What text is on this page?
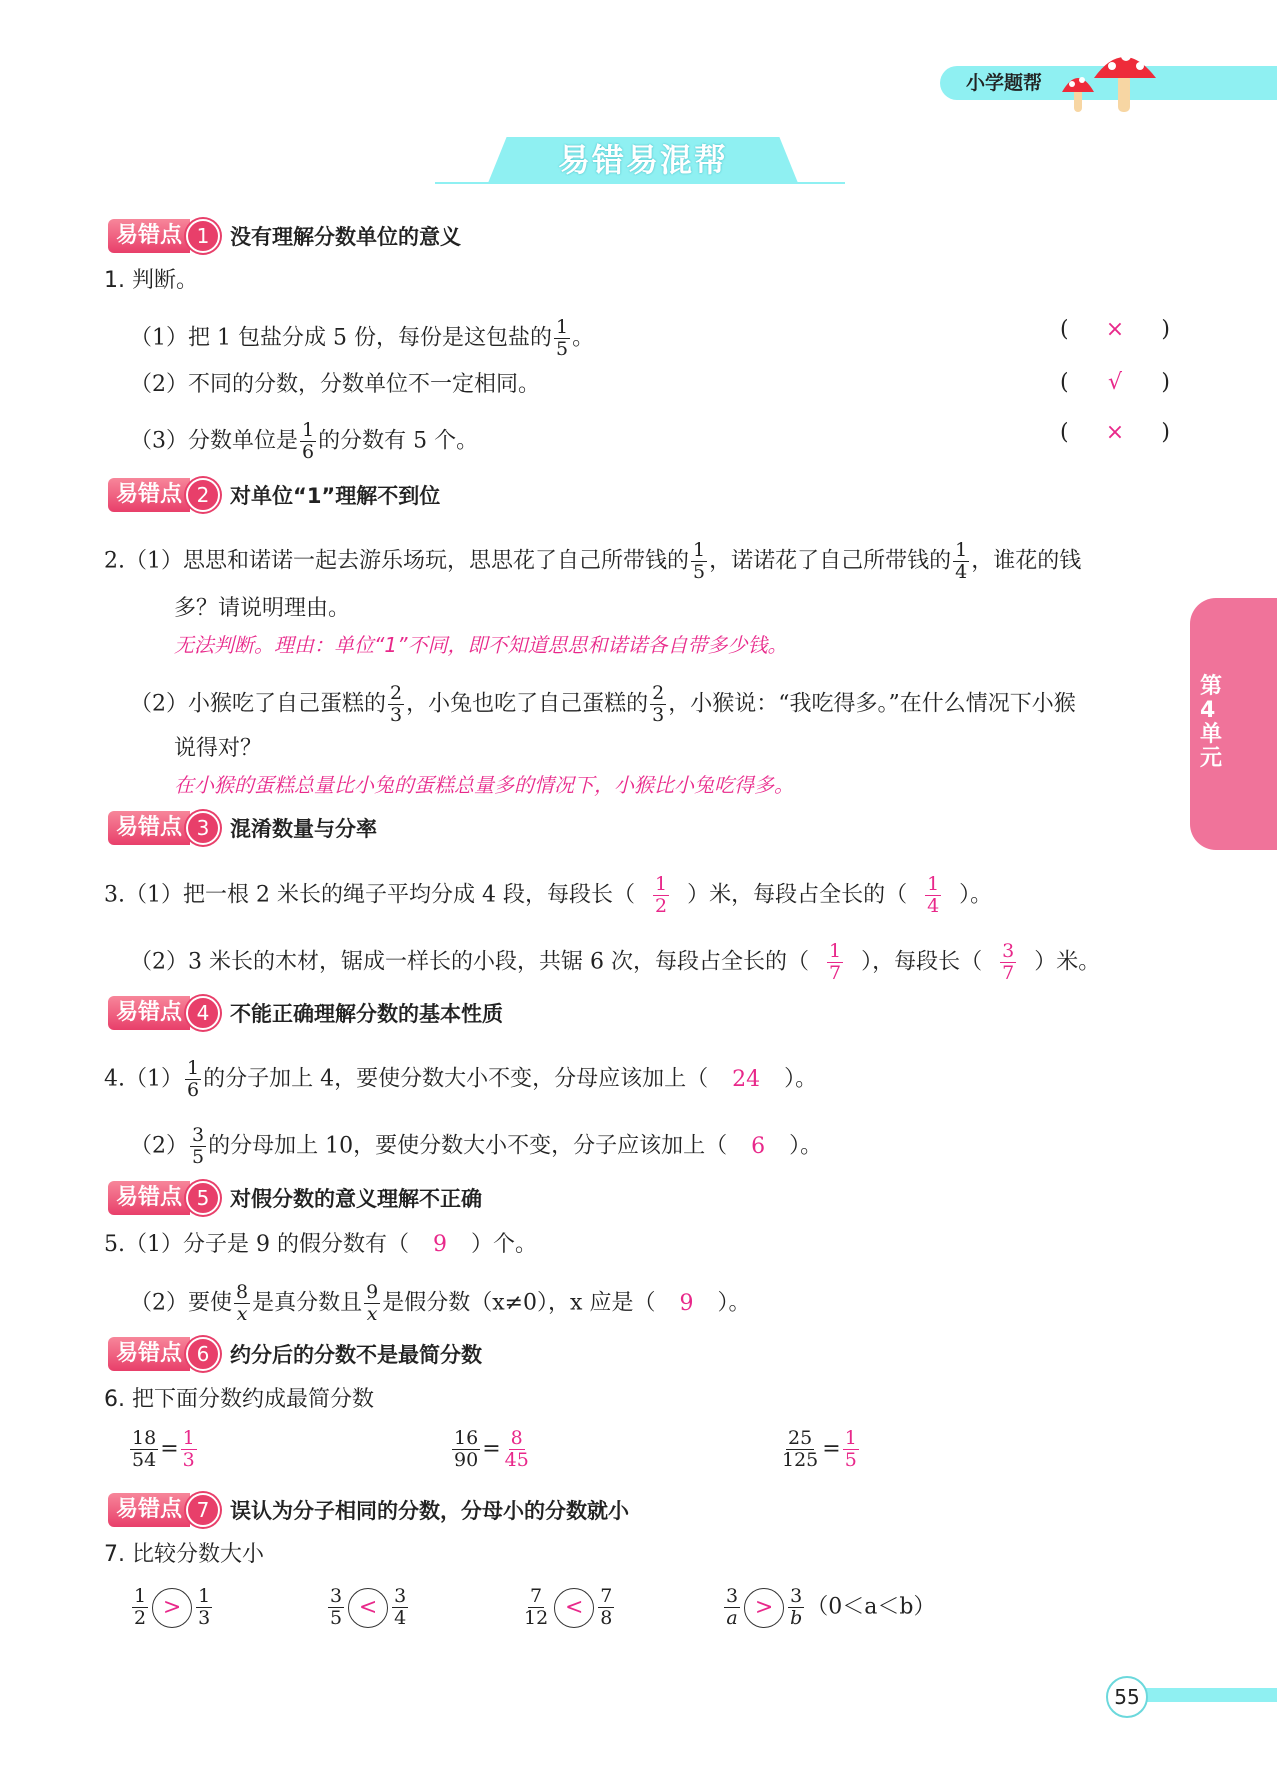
小学题帮
易错易混帮
第4单元
易错点 1 没有理解分数单位的意义
1. 判断。
（1）把 1 包盐分成 5 份，每份是这包盐的 $\frac{1}{5}$ 。	( × )
（2）不同的分数，分数单位不一定相同。	( √ )
（3）分数单位是 $\frac{1}{6}$ 的分数有 5 个。	( × )
易错点 2 对单位“1”理解不到位
2.（1）思思和诺诺一起去游乐场玩，思思花了自己所带钱的 $\frac{1}{5}$ ，诺诺花了自己所带钱的 $\frac{1}{4}$ ，谁花的钱
多？请说明理由。
无法判断。理由：单位“1”不同，即不知道思思和诺诺各自带多少钱。
（2）小猴吃了自己蛋糕的 $\frac{2}{3}$ ，小兔也吃了自己蛋糕的 $\frac{2}{3}$ ，小猴说：“我吃得多。”在什么情况下小猴
说得对？
在小猴的蛋糕总量比小兔的蛋糕总量多的情况下，小猴比小兔吃得多。
易错点 3 混淆数量与分率
3.（1）把一根 2 米长的绳子平均分成 4 段，每段长（ $\frac{1}{2}$ ）米，每段占全长的（ $\frac{1}{4}$ ）。
（2）3 米长的木材，锯成一样长的小段，共锯 6 次，每段占全长的（ $\frac{1}{7}$ ），每段长（ $\frac{3}{7}$ ）米。
易错点 4 不能正确理解分数的基本性质
$4.(1) \frac{1}{6}$ 的分子加上 4，要使分数大小不变，分母应该加上（ 24 ）。
$(2) \frac{3}{5}$ 的分母加上 10，要使分数大小不变，分子应该加上（ 6 ）。
易错点 5 对假分数的意义理解不正确
5.（1）分子是 9 的假分数有（ 9 ）个。
（2）要使 $\frac{8}{x}$ 是真分数且 $\frac{9}{x}$ 是假分数（x≠0），x 应是（ 9 ）。
易错点 6 约分后的分数不是最简分数
6. 把下面分数约成最简分数
$\frac{18}{54} = \frac{1}{3}$	$\frac{16}{90} = \frac{8}{45}$	$\frac{25}{125} = \frac{1}{5}$
易错点 7 误认为分子相同的分数，分母小的分数就小
7. 比较分数大小
$\frac{1}{2} > \frac{1}{3}$	$\frac{3}{5} < \frac{3}{4}$	$\frac{7}{12} < \frac{7}{8}$	$\frac{3}{a} > \frac{3}{b} (0<a<b)$
55
